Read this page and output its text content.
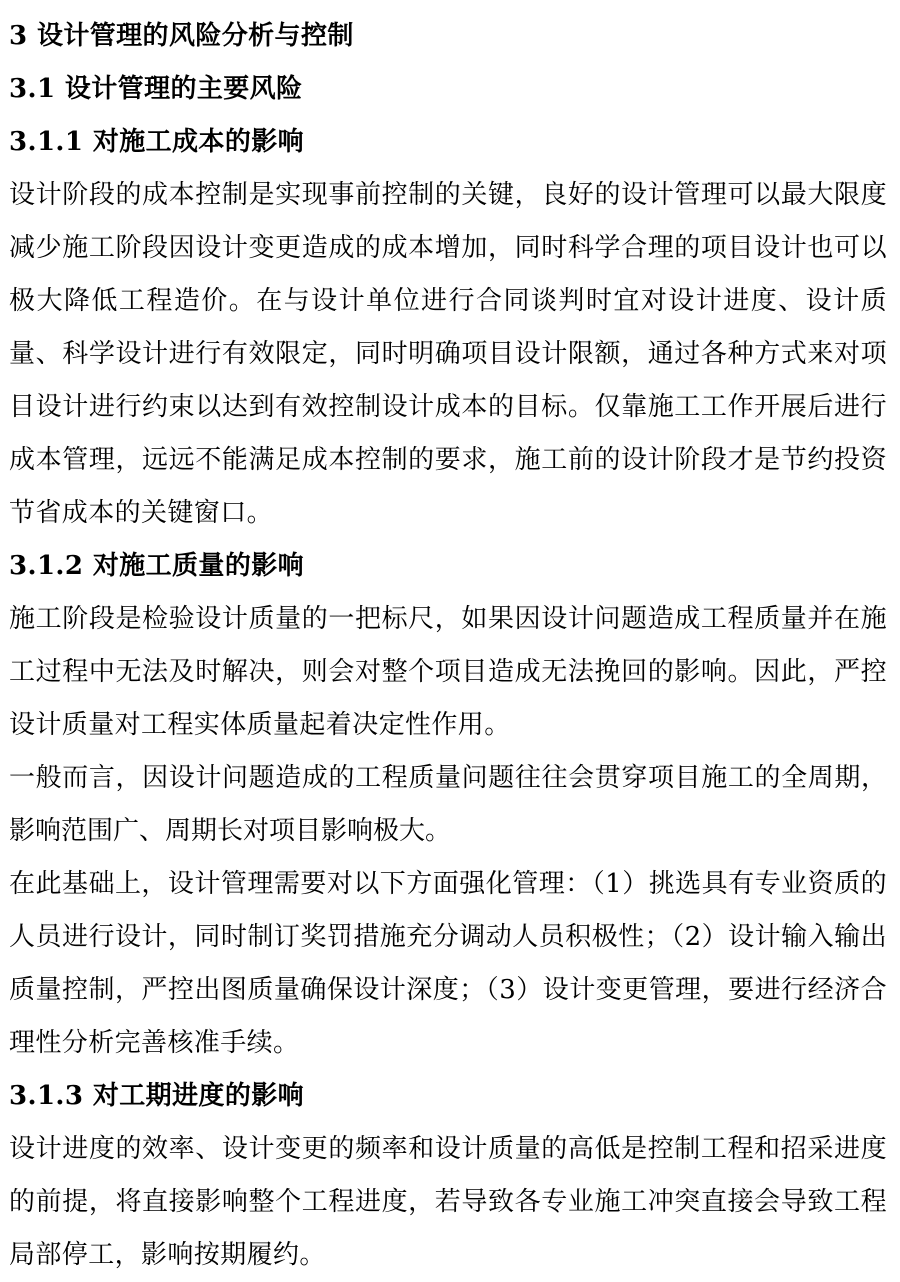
3 设计管理的风险分析与控制
3.1 设计管理的主要风险
3.1.1 对施工成本的影响

设计阶段的成本控制是实现事前控制的关键，良好的设计管理可以最大限度减少施工阶段因设计变更造成的成本增加，同时科学合理的项目设计也可以极大降低工程造价。在与设计单位进行合同谈判时宜对设计进度、设计质量、科学设计进行有效限定，同时明确项目设计限额，通过各种方式来对项目设计进行约束以达到有效控制设计成本的目标。仅靠施工工作开展后进行成本管理，远远不能满足成本控制的要求，施工前的设计阶段才是节约投资节省成本的关键窗口。

3.1.2 对施工质量的影响

施工阶段是检验设计质量的一把标尺，如果因设计问题造成工程质量并在施工过程中无法及时解决，则会对整个项目造成无法挽回的影响。因此，严控设计质量对工程实体质量起着决定性作用。

一般而言，因设计问题造成的工程质量问题往往会贯穿项目施工的全周期，影响范围广、周期长对项目影响极大。

在此基础上，设计管理需要对以下方面强化管理：（1）挑选具有专业资质的人员进行设计，同时制订奖罚措施充分调动人员积极性；（2）设计输入输出质量控制，严控出图质量确保设计深度；（3）设计变更管理，要进行经济合理性分析完善核准手续。

3.1.3 对工期进度的影响

设计进度的效率、设计变更的频率和设计质量的高低是控制工程和招采进度的前提，将直接影响整个工程进度，若导致各专业施工冲突直接会导致工程局部停工，影响按期履约。
